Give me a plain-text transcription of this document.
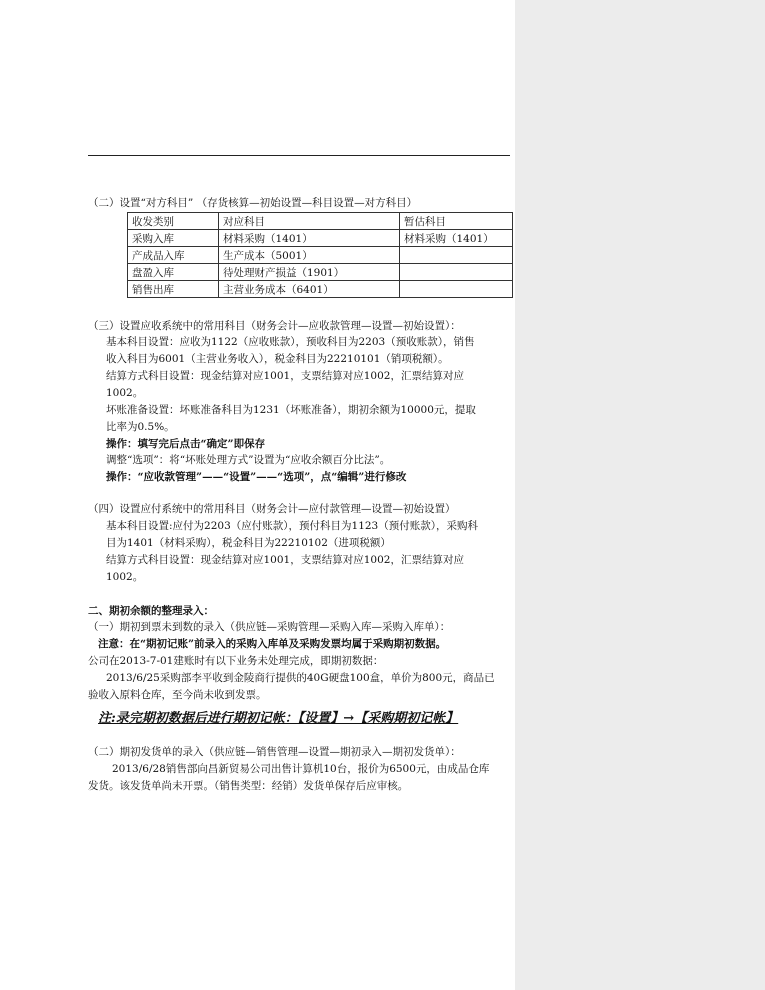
（二）设置“对方科目” （存货核算—初始设置—科目设置—对方科目）
收发类别	对应科目	暂估科目
采购入库	材料采购（1401）	材料采购（1401）
产成品入库	生产成本（5001）	
盘盈入库	待处理财产损益（1901）	
销售出库	主营业务成本（6401）	
（三）设置应收系统中的常用科目（财务会计—应收款管理—设置—初始设置）：
基本科目设置：应收为1122（应收账款），预收科目为2203（预收账款），销售
收入科目为6001（主营业务收入），税金科目为22210101（销项税额）。
结算方式科目设置：现金结算对应1001，支票结算对应1002，汇票结算对应
1002。
坏账准备设置：坏账准备科目为1231（坏账准备），期初余额为10000元，提取
比率为0.5%。
操作：填写完后点击“确定”即保存
调整“选项”：将“坏账处理方式”设置为“应收余额百分比法”。
操作：“应收款管理”——“设置”——“选项”，点“编辑”进行修改
（四）设置应付系统中的常用科目（财务会计—应付款管理—设置—初始设置）
基本科目设置:应付为2203（应付账款），预付科目为1123（预付账款），采购科
目为1401（材料采购），税金科目为22210102（进项税额）
结算方式科目设置：现金结算对应1001，支票结算对应1002，汇票结算对应
1002。
二、期初余额的整理录入：
（一）期初到票未到数的录入（供应链—采购管理—采购入库—采购入库单）：
注意：在“期初记账”前录入的采购入库单及采购发票均属于采购期初数据。
公司在2013-7-01建账时有以下业务未处理完成，即期初数据：
2013/6/25采购部李平收到金陵商行提供的40G硬盘100盒，单价为800元，商品已
验收入原料仓库，至今尚未收到发票。
注:录完期初数据后进行期初记帐：【设置】→【采购期初记帐】
（二）期初发货单的录入（供应链—销售管理—设置—期初录入—期初发货单）：
2013/6/28销售部向昌新贸易公司出售计算机10台，报价为6500元，由成品仓库
发货。该发货单尚未开票。（销售类型：经销）发货单保存后应审核。
